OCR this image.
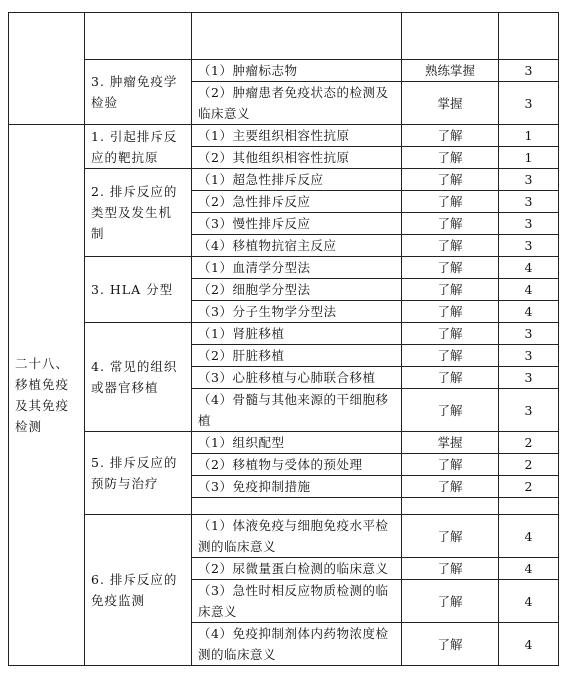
	3. 肿瘤免疫学检验	（1）肿瘤标志物	熟练掌握	3
		（2）肿瘤患者免疫状态的检测及临床意义	掌握	3
二十八、移植免疫及其免疫检测	1. 引起排斥反应的靶抗原	（1）主要组织相容性抗原	了解	1
		（2）其他组织相容性抗原	了解	1
	2. 排斥反应的类型及发生机制	（1）超急性排斥反应	了解	3
		（2）急性排斥反应	了解	3
		（3）慢性排斥反应	了解	3
		（4）移植物抗宿主反应	了解	3
	3. HLA 分型	（1）血清学分型法	了解	4
		（2）细胞学分型法	了解	4
		（3）分子生物学分型法	了解	4
	4. 常见的组织或器官移植	（1）肾脏移植	了解	3
		（2）肝脏移植	了解	3
		（3）心脏移植与心肺联合移植	了解	3
		（4）骨髓与其他来源的干细胞移植	了解	3
	5. 排斥反应的预防与治疗	（1）组织配型	掌握	2
		（2）移植物与受体的预处理	了解	2
		（3）免疫抑制措施	了解	2

	6. 排斥反应的免疫监测	（1）体液免疫与细胞免疫水平检测的临床意义	了解	4
		（2）尿微量蛋白检测的临床意义	了解	4
		（3）急性时相反应物质检测的临床意义	了解	4
		（4）免疫抑制剂体内药物浓度检测的临床意义	了解	4
